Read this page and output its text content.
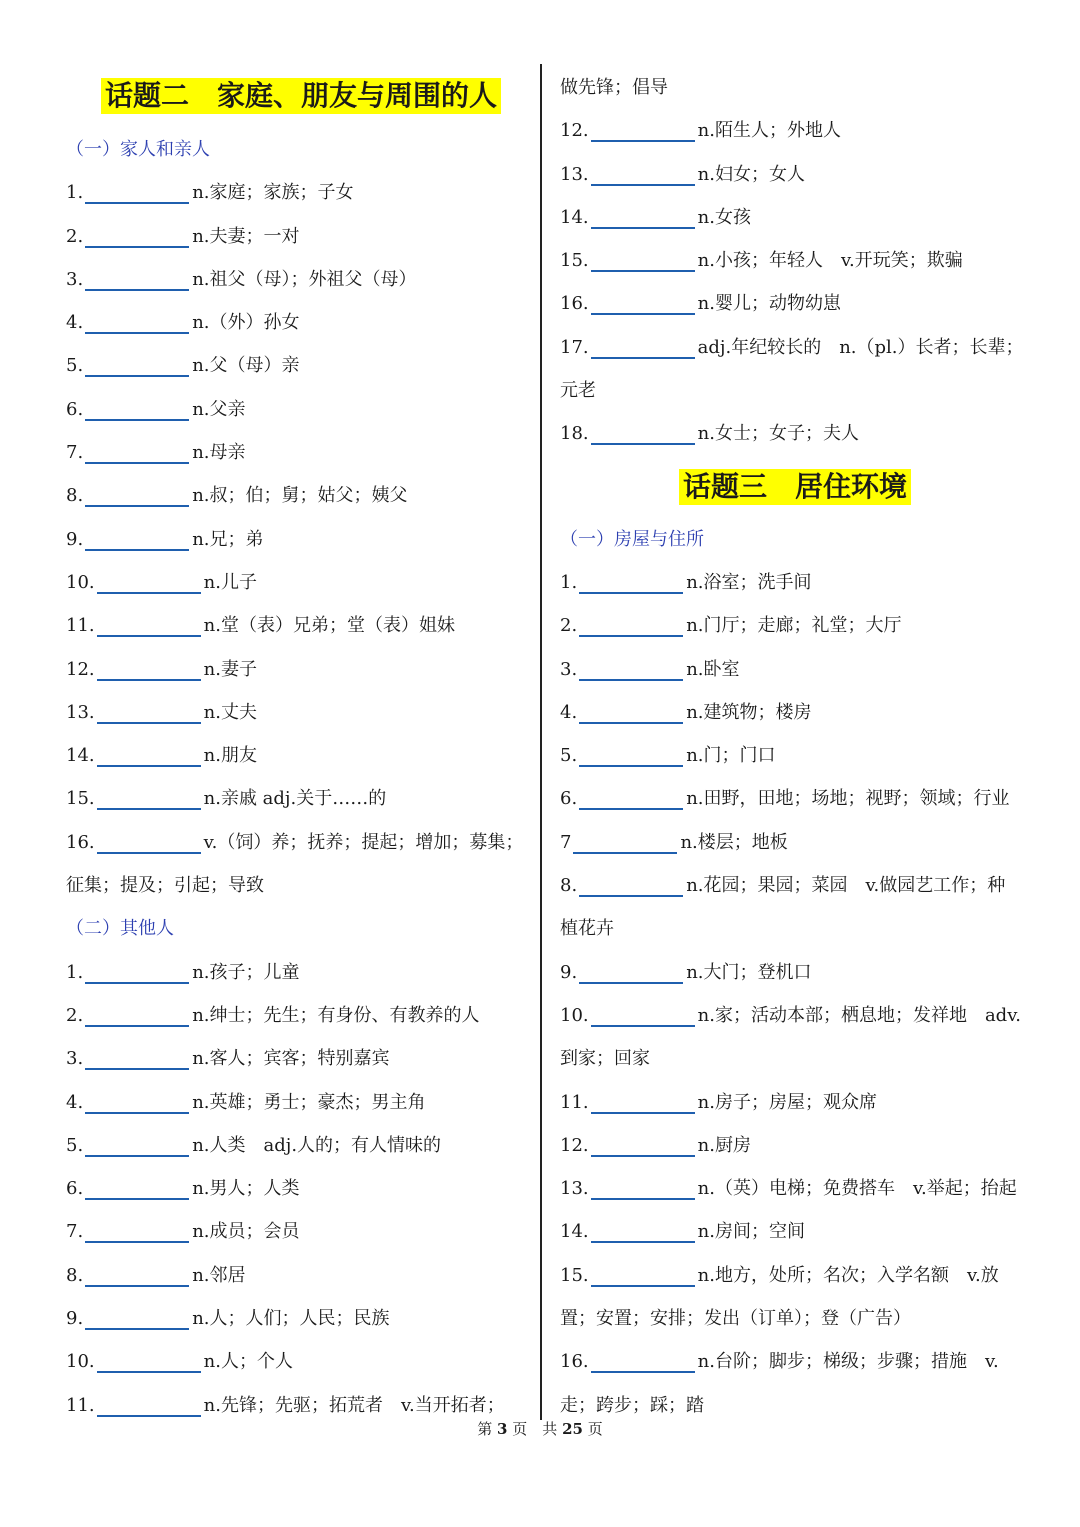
话题二　家庭、朋友与周围的人
（一）家人和亲人
1.	n.家庭；家族；子女
2.	n.夫妻；一对
3.	n.祖父（母）；外祖父（母）
4.	n.（外）孙女
5.	n.父（母）亲
6.	n.父亲
7.	n.母亲
8.	n.叔；伯；舅；姑父；姨父
9.	n.兄；弟
10.	n.儿子
11.	n.堂（表）兄弟；堂（表）姐妹
12.	n.妻子
13.	n.丈夫
14.	n.朋友
15.	n.亲戚 adj.关于……的
16.	v.（饲）养；抚养；提起；增加；募集；
征集；提及；引起；导致
（二）其他人
1.	n.孩子；儿童
2.	n.绅士；先生；有身份、有教养的人
3.	n.客人；宾客；特别嘉宾
4.	n.英雄；勇士；豪杰；男主角
5.	n.人类　adj.人的；有人情味的
6.	n.男人；人类
7.	n.成员；会员
8.	n.邻居
9.	n.人；人们；人民；民族
10.	n.人；个人
11.	n.先锋；先驱；拓荒者　v.当开拓者；
做先锋；倡导
12.	n.陌生人；外地人
13.	n.妇女；女人
14.	n.女孩
15.	n.小孩；年轻人　v.开玩笑；欺骗
16.	n.婴儿；动物幼崽
17.	adj.年纪较长的　n.（pl.）长者；长辈；
元老
18.	n.女士；女子；夫人
话题三　居住环境
（一）房屋与住所
1.	n.浴室；洗手间
2.	n.门厅；走廊；礼堂；大厅
3.	n.卧室
4.	n.建筑物；楼房
5.	n.门；门口
6.	n.田野，田地；场地；视野；领域；行业
7	n.楼层；地板
8.	n.花园；果园；菜园　v.做园艺工作；种
植花卉
9.	n.大门；登机口
10.	n.家；活动本部；栖息地；发祥地　adv.
到家；回家
11.	n.房子；房屋；观众席
12.	n.厨房
13.	n.（英）电梯；免费搭车　v.举起；抬起
14.	n.房间；空间
15.	n.地方，处所；名次；入学名额　v.放
置；安置；安排；发出（订单）；登（广告）
16.	n.台阶；脚步；梯级；步骤；措施　v.
走；跨步；踩；踏
第 3 页　共 25 页
